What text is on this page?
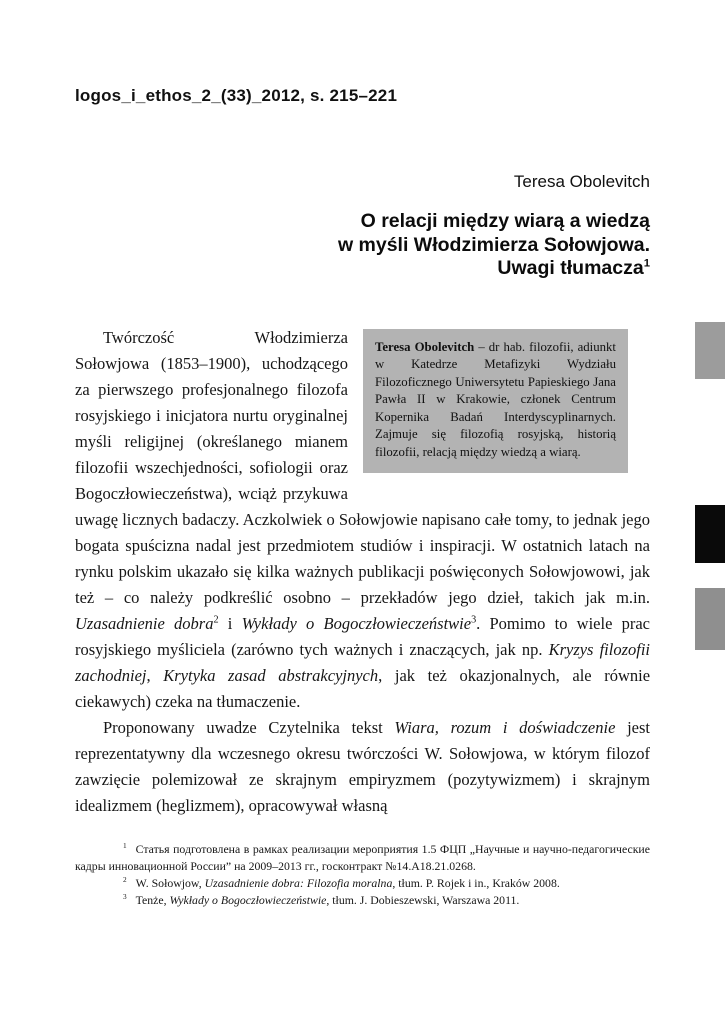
logos_i_ethos_2_(33)_2012, s. 215–221
Teresa Obolevitch
O relacji między wiarą a wiedzą
w myśli Włodzimierza Sołowjowa.
Uwagi tłumacza$^1$
Teresa Obolevitch – dr hab. filozofii, adiunkt w Katedrze Metafizyki Wydziału Filozoficznego Uniwersytetu Papieskiego Jana Pawła II w Krakowie, członek Centrum Kopernika Badań Interdyscyplinarnych. Zajmuje się filozofią rosyjską, historią filozofii, relacją między wiedzą a wiarą.
Twórczość Włodzimierza Sołowjowa (1853–1900), uchodzącego za pierwszego profesjonalnego filozofa rosyjskiego i inicjatora nurtu oryginalnej myśli religijnej (określanego mianem filozofii wszechjedności, sofiologii oraz Bogoczłowieczeństwa), wciąż przykuwa uwagę licznych badaczy. Aczkolwiek o Sołowjowie napisano całe tomy, to jednak jego bogata spuścizna nadal jest przedmiotem studiów i inspiracji. W ostatnich latach na rynku polskim ukazało się kilka ważnych publikacji poświęconych Sołowjowowi, jak też – co należy podkreślić osobno – przekładów jego dzieł, takich jak m.in. Uzasadnienie dobra$^2$ i Wykłady o Bogoczłowieczeństwie$^3$. Pomimo to wiele prac rosyjskiego myśliciela (zarówno tych ważnych i znaczących, jak np. Kryzys filozofii zachodniej, Krytyka zasad abstrakcyjnych, jak też okazjonalnych, ale równie ciekawych) czeka na tłumaczenie.
Proponowany uwadze Czytelnika tekst Wiara, rozum i doświadczenie jest reprezentatywny dla wczesnego okresu twórczości W. Sołowjowa, w którym filozof zawzięcie polemizował ze skrajnym empiryzmem (pozytywizmem) i skrajnym idealizmem (heglizmem), opracowywał własną
$^1$ Статья подготовлена в рамках реализации мероприятия 1.5 ФЦП „Научные и научно-педагогические кадры инновационной России” на 2009–2013 гг., госконтракт №14.A18.21.0268.
$^2$ W. Sołowjow, Uzasadnienie dobra: Filozofia moralna, tłum. P. Rojek i in., Kraków 2008.
$^3$ Tenże, Wykłady o Bogoczłowieczeństwie, tłum. J. Dobieszewski, Warszawa 2011.
